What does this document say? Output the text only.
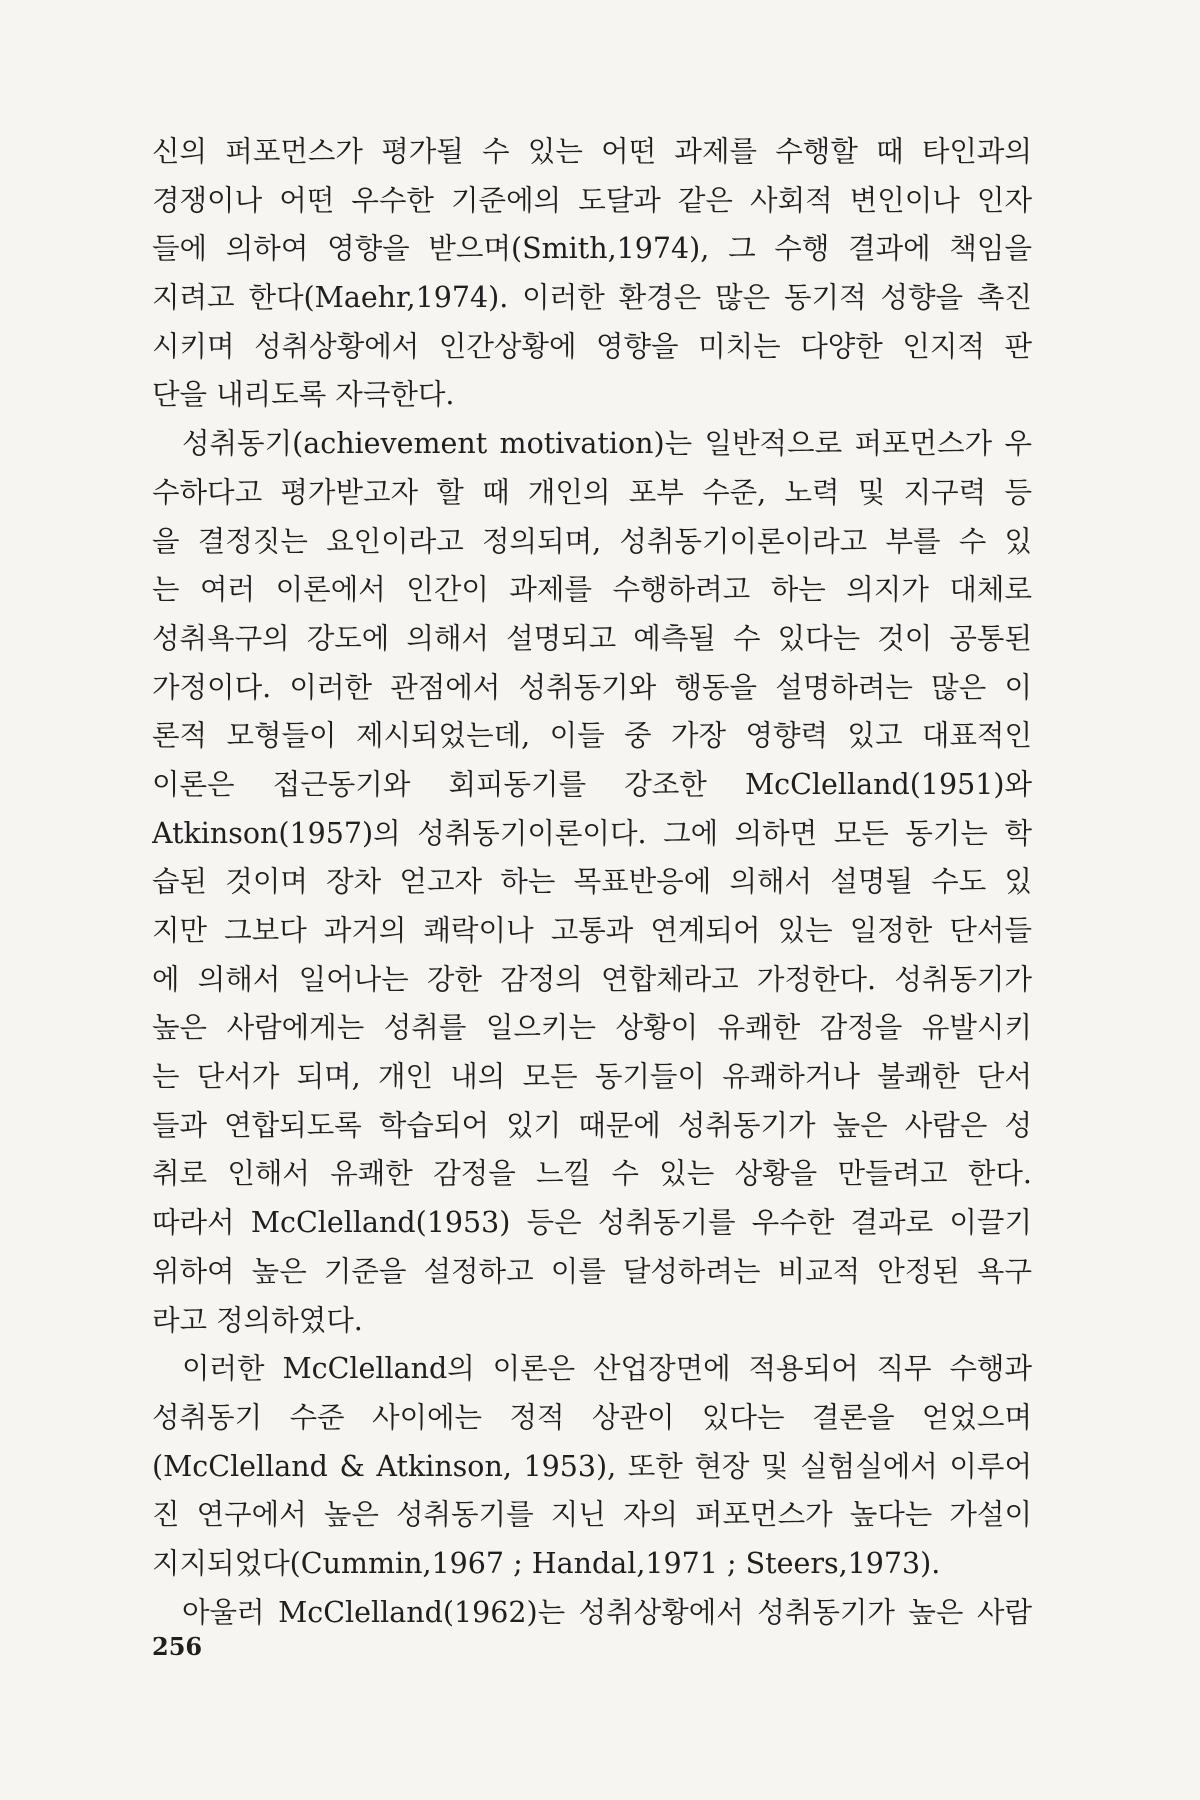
신의 퍼포먼스가 평가될 수 있는 어떤 과제를 수행할 때 타인과의
경쟁이나 어떤 우수한 기준에의 도달과 같은 사회적 변인이나 인자
들에 의하여 영향을 받으며(Smith,1974), 그 수행 결과에 책임을
지려고 한다(Maehr,1974). 이러한 환경은 많은 동기적 성향을 촉진
시키며 성취상황에서 인간상황에 영향을 미치는 다양한 인지적 판
단을 내리도록 자극한다.
성취동기(achievement motivation)는 일반적으로 퍼포먼스가 우
수하다고 평가받고자 할 때 개인의 포부 수준, 노력 및 지구력 등
을 결정짓는 요인이라고 정의되며, 성취동기이론이라고 부를 수 있
는 여러 이론에서 인간이 과제를 수행하려고 하는 의지가 대체로
성취욕구의 강도에 의해서 설명되고 예측될 수 있다는 것이 공통된
가정이다. 이러한 관점에서 성취동기와 행동을 설명하려는 많은 이
론적 모형들이 제시되었는데, 이들 중 가장 영향력 있고 대표적인
이론은 접근동기와 회피동기를 강조한 McClelland(1951)와
Atkinson(1957)의 성취동기이론이다. 그에 의하면 모든 동기는 학
습된 것이며 장차 얻고자 하는 목표반응에 의해서 설명될 수도 있
지만 그보다 과거의 쾌락이나 고통과 연계되어 있는 일정한 단서들
에 의해서 일어나는 강한 감정의 연합체라고 가정한다. 성취동기가
높은 사람에게는 성취를 일으키는 상황이 유쾌한 감정을 유발시키
는 단서가 되며, 개인 내의 모든 동기들이 유쾌하거나 불쾌한 단서
들과 연합되도록 학습되어 있기 때문에 성취동기가 높은 사람은 성
취로 인해서 유쾌한 감정을 느낄 수 있는 상황을 만들려고 한다.
따라서 McClelland(1953) 등은 성취동기를 우수한 결과로 이끌기
위하여 높은 기준을 설정하고 이를 달성하려는 비교적 안정된 욕구
라고 정의하였다.
이러한 McClelland의 이론은 산업장면에 적용되어 직무 수행과
성취동기 수준 사이에는 정적 상관이 있다는 결론을 얻었으며
(McClelland & Atkinson, 1953), 또한 현장 및 실험실에서 이루어
진 연구에서 높은 성취동기를 지닌 자의 퍼포먼스가 높다는 가설이
지지되었다(Cummin,1967 ; Handal,1971 ; Steers,1973).
아울러 McClelland(1962)는 성취상황에서 성취동기가 높은 사람
256
